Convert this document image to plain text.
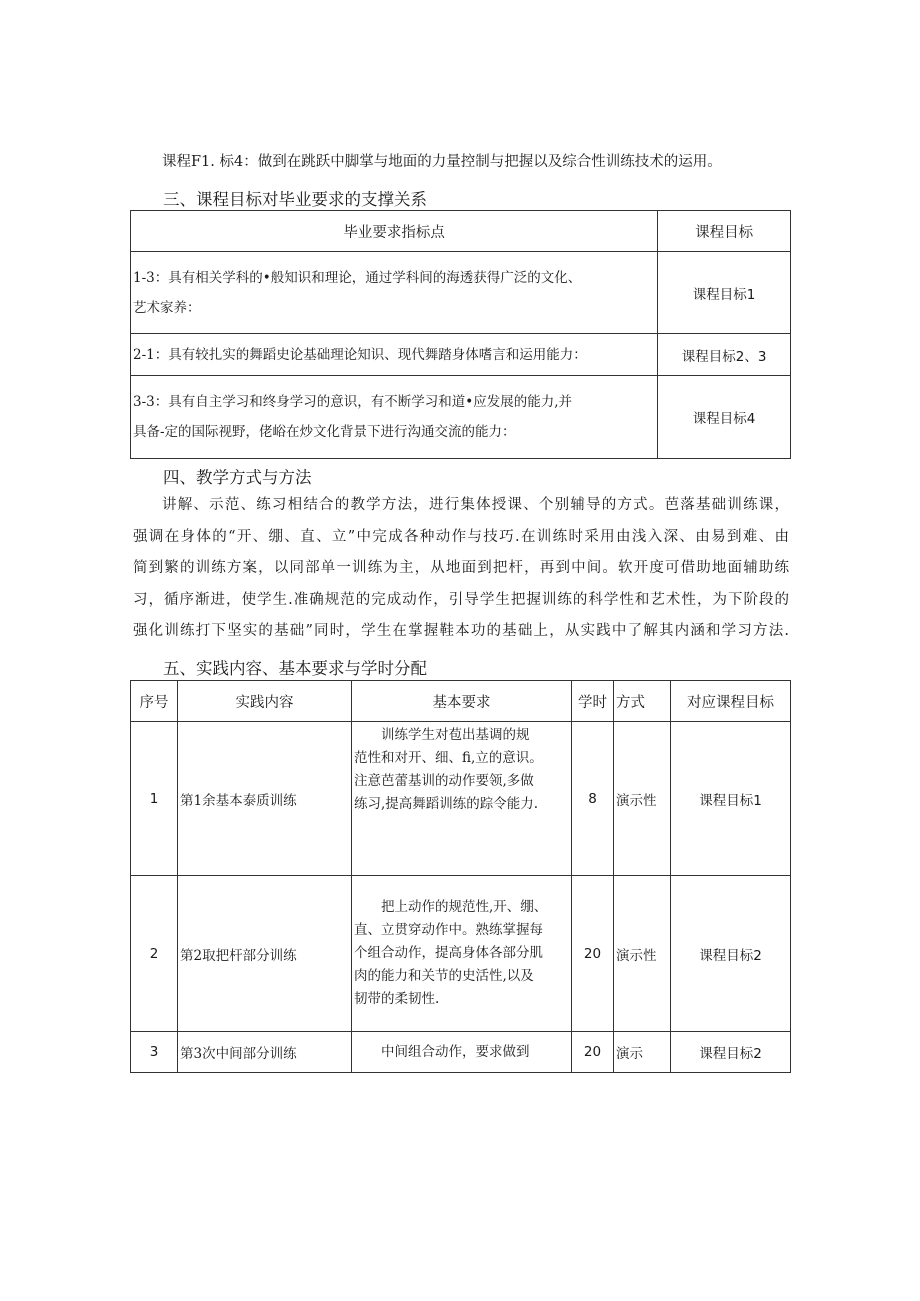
课程F1. 标4：做到在跳跃中脚掌与地面的力量控制与把握以及综合性训练技术的运用。
三、课程目标对毕业要求的支撑关系
毕业要求指标点	课程目标

1-3：具有相关学科的•般知识和理论，通过学科间的海透获得广泛的文化、
艺术家养：	课程目标1

2-1：具有较扎实的舞蹈史论基础理论知识、现代舞踏身体嗜言和运用能力：	课程目标2、3

3-3：具有自主学习和终身学习的意识，有不断学习和道•应发展的能力,并
具备-定的国际视野，佬峪在炒文化背景下进行沟通交流的能力：	课程目标4
四、教学方式与方法
讲解、示范、练习相结合的教学方法，进行集体授课、个别辅导的方式。芭落基础训练课，
强调在身体的“开、绷、直、立”中完成各种动作与技巧.在训练时采用由浅入深、由易到难、由
简到繁的训练方案，以同部单一训练为主，从地面到把杆，再到中间。软开度可借助地面辅助练
习，循序渐进，使学生.准确规范的完成动作，引导学生把握训练的科学性和艺术性，为下阶段的
强化训练打下坚实的基础”同时，学生在掌握鞋本功的基础上，从实践中了解其内涵和学习方法.
五、实践内容、基本要求与学时分配
序号	实践内容	基本要求	学时	方式	对应课程目标
1	第1余基本泰质训练	训练学生对苞出基调的规
范性和对开、细、fi,立的意识。
注意芭蕾基训的动作要领,多做
练习,提高舞蹈训练的踪令能力.	8	演示性	课程目标1
2	第2取把杆部分训练	把上动作的规范性,开、绷、
直、立贯穿动作中。熟练掌握每
个组合动作，提高身体各部分肌
肉的能力和关节的史活性,以及
韧带的柔韧性.	20	演示性	课程目标2
3	第3次中间部分训练	中间组合动作，要求做到	20	演示	课程目标2
